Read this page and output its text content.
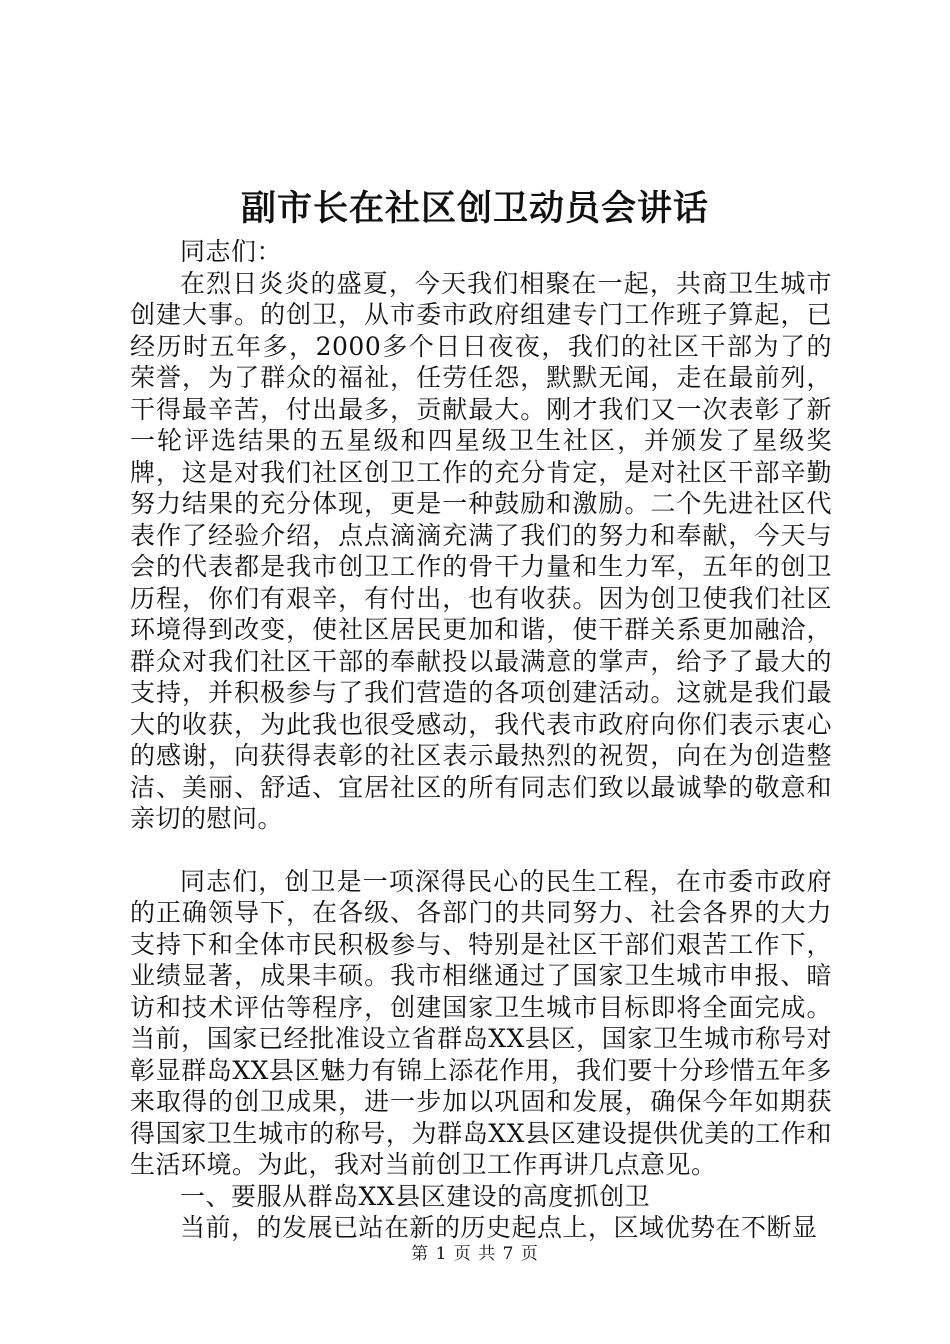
副市长在社区创卫动员会讲话

同志们：

在烈日炎炎的盛夏，今天我们相聚在一起，共商卫生城市创建大事。的创卫，从市委市政府组建专门工作班子算起，已经历时五年多，2000多个日日夜夜，我们的社区干部为了的荣誉，为了群众的福祉，任劳任怨，默默无闻，走在最前列，干得最辛苦，付出最多，贡献最大。刚才我们又一次表彰了新一轮评选结果的五星级和四星级卫生社区，并颁发了星级奖牌，这是对我们社区创卫工作的充分肯定，是对社区干部辛勤努力结果的充分体现，更是一种鼓励和激励。二个先进社区代表作了经验介绍，点点滴滴充满了我们的努力和奉献，今天与会的代表都是我市创卫工作的骨干力量和生力军，五年的创卫历程，你们有艰辛，有付出，也有收获。因为创卫使我们社区环境得到改变，使社区居民更加和谐，使干群关系更加融洽，群众对我们社区干部的奉献投以最满意的掌声，给予了最大的支持，并积极参与了我们营造的各项创建活动。这就是我们最大的收获，为此我也很受感动，我代表市政府向你们表示衷心的感谢，向获得表彰的社区表示最热烈的祝贺，向在为创造整洁、美丽、舒适、宜居社区的所有同志们致以最诚挚的敬意和亲切的慰问。

同志们，创卫是一项深得民心的民生工程，在市委市政府的正确领导下，在各级、各部门的共同努力、社会各界的大力支持下和全体市民积极参与、特别是社区干部们艰苦工作下，业绩显著，成果丰硕。我市相继通过了国家卫生城市申报、暗访和技术评估等程序，创建国家卫生城市目标即将全面完成。当前，国家已经批准设立省群岛XX县区，国家卫生城市称号对彰显群岛XX县区魅力有锦上添花作用，我们要十分珍惜五年多来取得的创卫成果，进一步加以巩固和发展，确保今年如期获得国家卫生城市的称号，为群岛XX县区建设提供优美的工作和生活环境。为此，我对当前创卫工作再讲几点意见。

一、要服从群岛XX县区建设的高度抓创卫

当前，的发展已站在新的历史起点上，区域优势在不断显

第 1 页 共 7 页
